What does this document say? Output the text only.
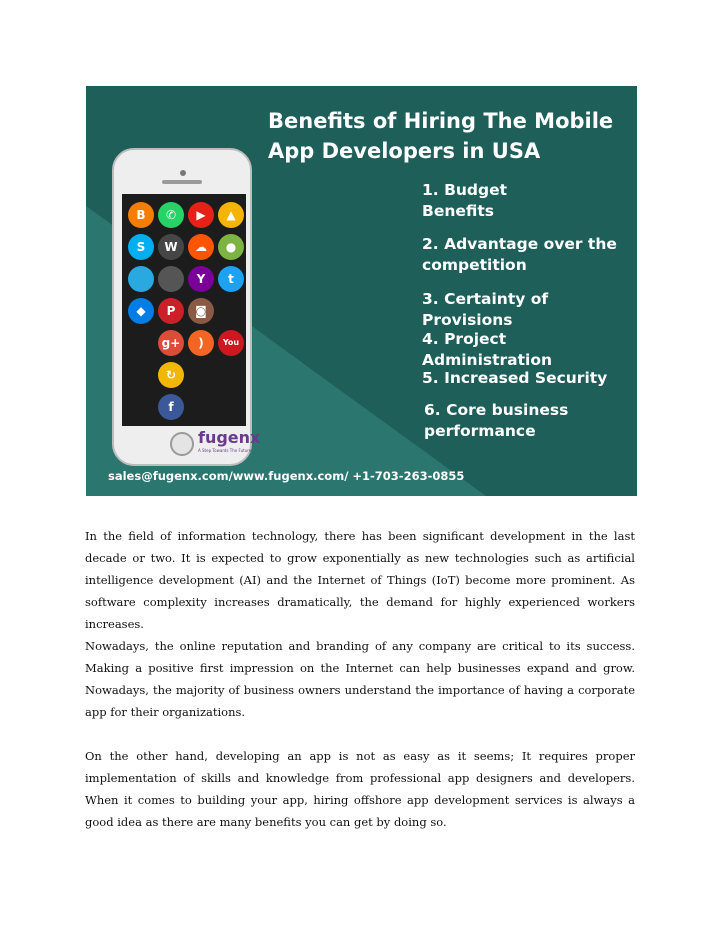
Benefits of Hiring The Mobile App Developers in USA
1. Budget
Benefits
2. Advantage over the
competition
3. Certainty of Provisions
4. Project Administration
5. Increased Security
6. Core business
performance
B	✆	▶	▲
S	W	☁	●
Y	t
◆	P	◙
g+	)	You
↻
f
fugenx
A Step Towards The Future
sales@fugenx.com/www.fugenx.com/ +1-703-263-0855

In the field of information technology, there has been significant development in the last decade or two. It is expected to grow exponentially as new technologies such as artificial intelligence development (AI) and the Internet of Things (IoT) become more prominent. As software complexity increases dramatically, the demand for highly experienced workers increases.

Nowadays, the online reputation and branding of any company are critical to its success. Making a positive first impression on the Internet can help businesses expand and grow. Nowadays, the majority of business owners understand the importance of having a corporate app for their organizations.

On the other hand, developing an app is not as easy as it seems; It requires proper implementation of skills and knowledge from professional app designers and developers. When it comes to building your app, hiring offshore app development services is always a good idea as there are many benefits you can get by doing so.
